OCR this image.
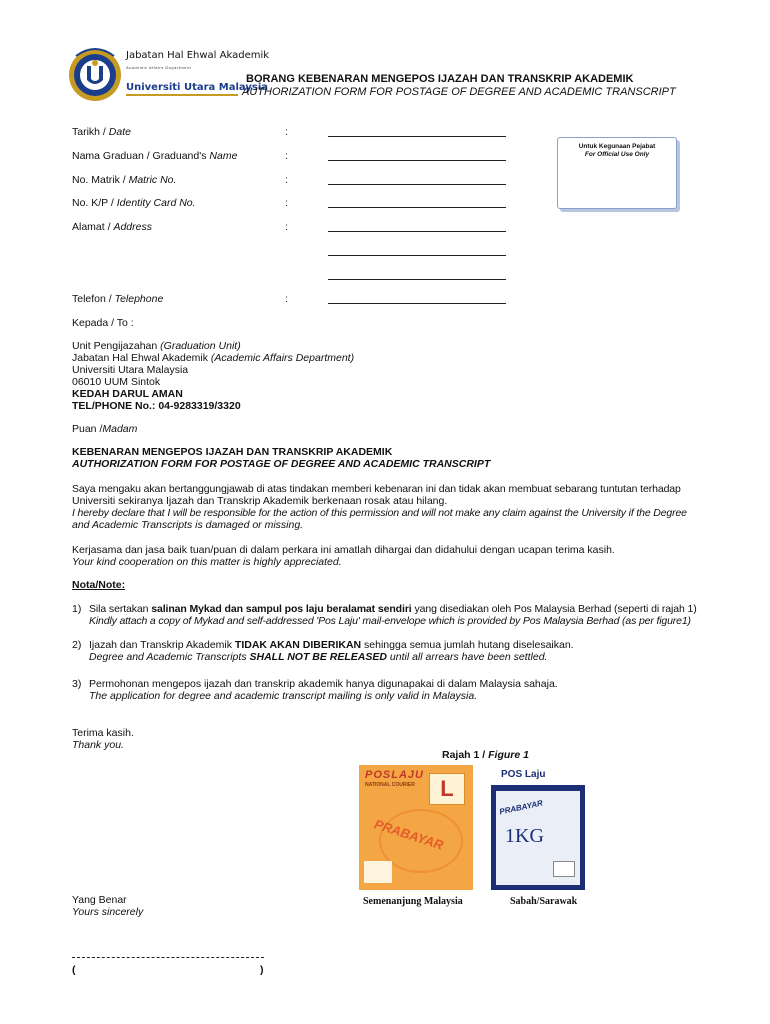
Jabatan Hal Ehwal Akademik
Academic Affairs Department
Universiti Utara Malaysia
BORANG KEBENARAN MENGEPOS IJAZAH DAN TRANSKRIP AKADEMIK
AUTHORIZATION FORM FOR POSTAGE OF DEGREE AND ACADEMIC TRANSCRIPT
Tarikh / Date	:
Nama Graduan / Graduand's Name	:
No. Matrik / Matric No.	:
No. K/P / Identity Card No.	:
Alamat / Address	:
Telefon / Telephone	:
Untuk Kegunaan Pejabat
For Official Use Only
Kepada / To :
Unit Pengijazahan (Graduation Unit)
Jabatan Hal Ehwal Akademik (Academic Affairs Department)
Universiti Utara Malaysia
06010 UUM Sintok
KEDAH DARUL AMAN
TEL/PHONE No.: 04-9283319/3320
Puan /Madam
KEBENARAN MENGEPOS IJAZAH DAN TRANSKRIP AKADEMIK
AUTHORIZATION FORM FOR POSTAGE OF DEGREE AND ACADEMIC TRANSCRIPT
Saya mengaku akan bertanggungjawab di atas tindakan memberi kebenaran ini dan tidak akan membuat sebarang tuntutan terhadap
Universiti sekiranya Ijazah dan Transkrip Akademik berkenaan rosak atau hilang.
I hereby declare that I will be responsible for the action of this permission and will not make any claim against the University if the Degree
and Academic Transcripts is damaged or missing.
Kerjasama dan jasa baik tuan/puan di dalam perkara ini amatlah dihargai dan didahului dengan ucapan terima kasih.
Your kind cooperation on this matter is highly appreciated.
Nota/Note:
1) Sila sertakan salinan Mykad dan sampul pos laju beralamat sendiri yang disediakan oleh Pos Malaysia Berhad (seperti di rajah 1)
Kindly attach a copy of Mykad and self-addressed 'Pos Laju' mail-envelope which is provided by Pos Malaysia Berhad (as per figure1)
2) Ijazah dan Transkrip Akademik TIDAK AKAN DIBERIKAN sehingga semua jumlah hutang diselesaikan.
Degree and Academic Transcripts SHALL NOT BE RELEASED until all arrears have been settled.
3) Permohonan mengepos ijazah dan transkrip akademik hanya digunapakai di dalam Malaysia sahaja.
The application for degree and academic transcript mailing is only valid in Malaysia.
Terima kasih.
Thank you.
Rajah 1 / Figure 1
POSLAJU
NATIONAL COURIER	L
PRABAYAR
POS Laju
PRABAYAR
1KG
Semenanjung Malaysia	Sabah/Sarawak
Yang Benar
Yours sincerely
(	)
